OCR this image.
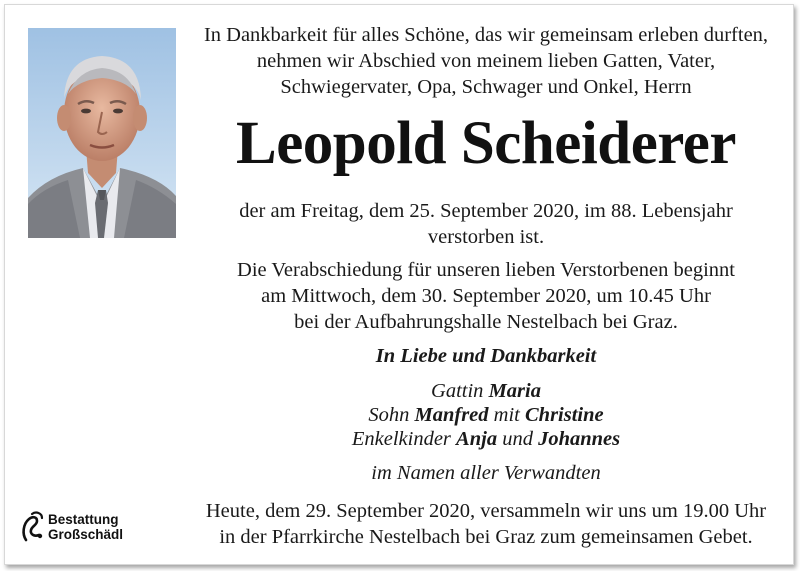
In Dankbarkeit für alles Schöne, das wir gemeinsam erleben durften,
nehmen wir Abschied von meinem lieben Gatten, Vater,
Schwiegervater, Opa, Schwager und Onkel, Herrn
Leopold Scheiderer
der am Freitag, dem 25. September 2020, im 88. Lebensjahr
verstorben ist.
Die Verabschiedung für unseren lieben Verstorbenen beginnt
am Mittwoch, dem 30. September 2020, um 10.45 Uhr
bei der Aufbahrungshalle Nestelbach bei Graz.
In Liebe und Dankbarkeit
Gattin Maria
Sohn Manfred mit Christine
Enkelkinder Anja und Johannes
im Namen aller Verwandten
Heute, dem 29. September 2020, versammeln wir uns um 19.00 Uhr
in der Pfarrkirche Nestelbach bei Graz zum gemeinsamen Gebet.
Bestattung
Großschädl
